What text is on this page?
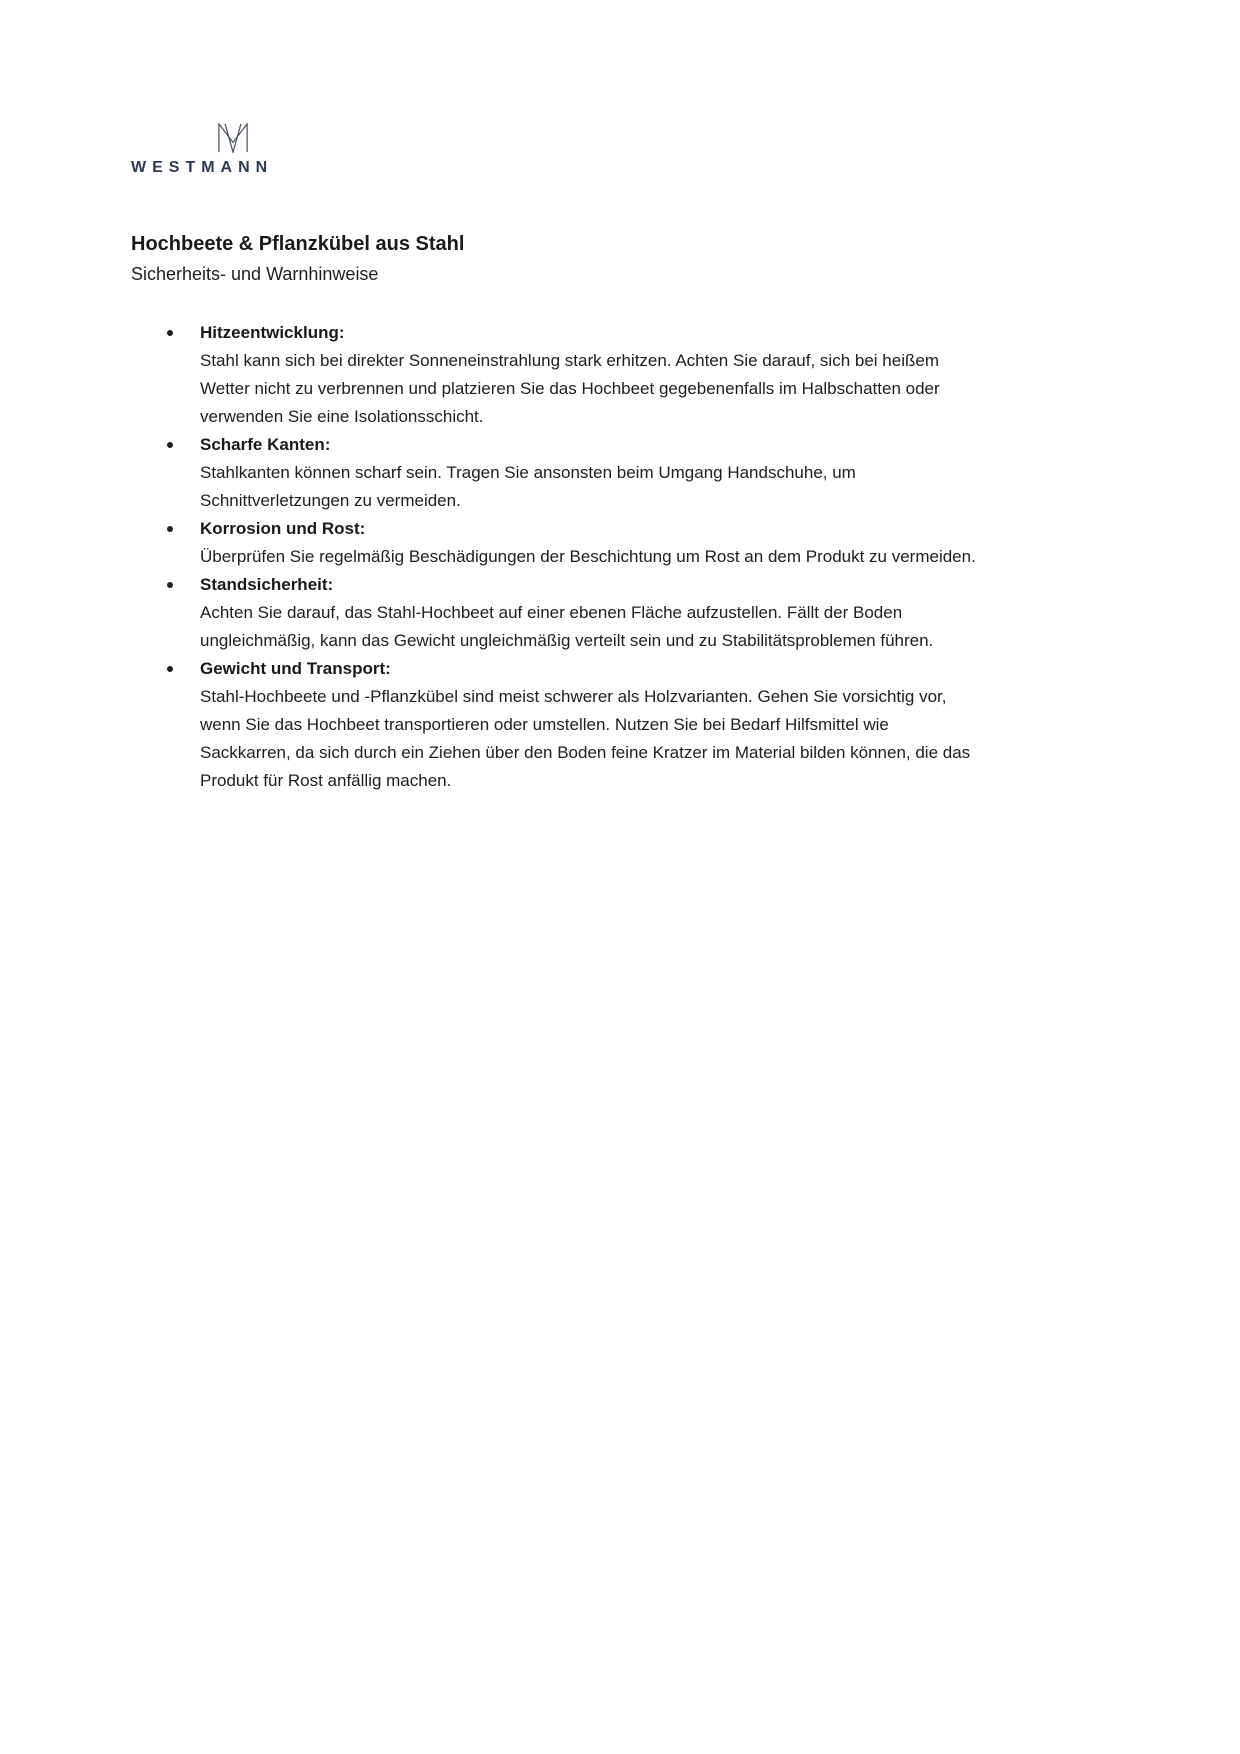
WESTMANN
Hochbeete & Pflanzkübel aus Stahl

Sicherheits- und Warnhinweise

Hitzeentwicklung:
Stahl kann sich bei direkter Sonneneinstrahlung stark erhitzen. Achten Sie darauf, sich bei heißem Wetter nicht zu verbrennen und platzieren Sie das Hochbeet gegebenenfalls im Halbschatten oder verwenden Sie eine Isolationsschicht.
Scharfe Kanten:
Stahlkanten können scharf sein. Tragen Sie ansonsten beim Umgang Handschuhe, um Schnittverletzungen zu vermeiden.
Korrosion und Rost:
Überprüfen Sie regelmäßig Beschädigungen der Beschichtung um Rost an dem Produkt zu vermeiden.
Standsicherheit:
Achten Sie darauf, das Stahl-Hochbeet auf einer ebenen Fläche aufzustellen. Fällt der Boden ungleichmäßig, kann das Gewicht ungleichmäßig verteilt sein und zu Stabilitätsproblemen führen.
Gewicht und Transport:
Stahl-Hochbeete und -Pflanzkübel sind meist schwerer als Holzvarianten. Gehen Sie vorsichtig vor, wenn Sie das Hochbeet transportieren oder umstellen. Nutzen Sie bei Bedarf Hilfsmittel wie Sackkarren, da sich durch ein Ziehen über den Boden feine Kratzer im Material bilden können, die das Produkt für Rost anfällig machen.
